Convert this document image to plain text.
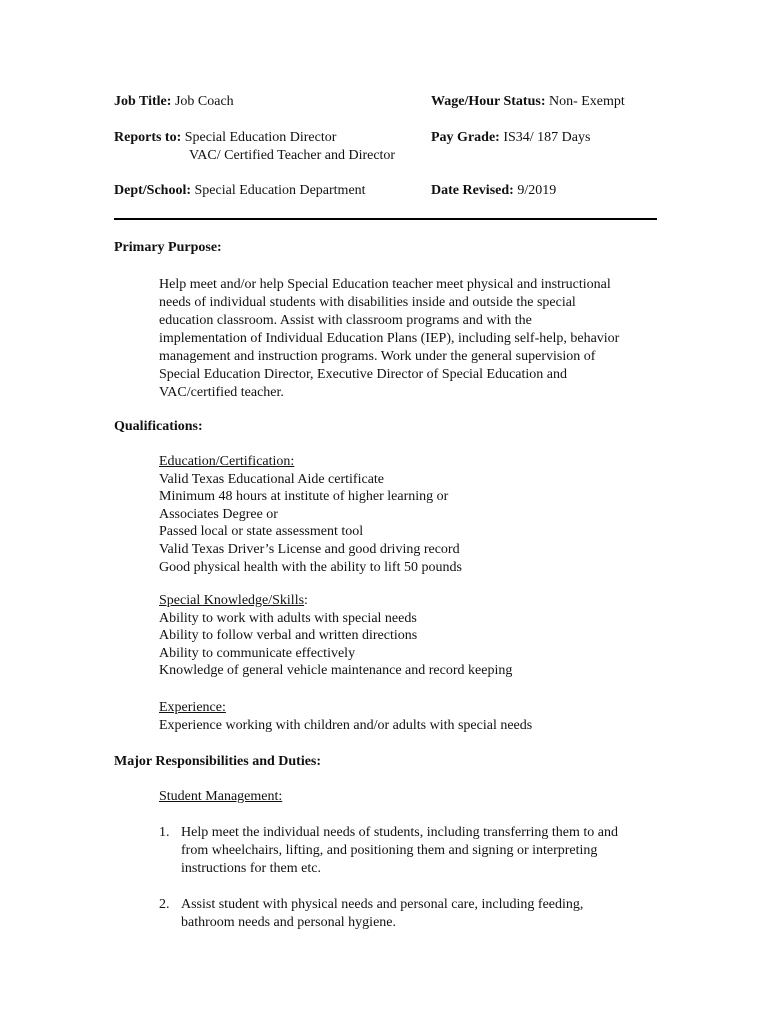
Job Title: Job Coach	Wage/Hour Status: Non- Exempt
Reports to: Special Education Director
VAC/ Certified Teacher and Director
Pay Grade: IS34/ 187 Days
Dept/School: Special Education Department	Date Revised: 9/2019
Primary Purpose:
Help meet and/or help Special Education teacher meet physical and instructional
needs of individual students with disabilities inside and outside the special
education classroom. Assist with classroom programs and with the
implementation of Individual Education Plans (IEP), including self-help, behavior
management and instruction programs. Work under the general supervision of
Special Education Director, Executive Director of Special Education and
VAC/certified teacher.
Qualifications:
Education/Certification:
Valid Texas Educational Aide certificate
Minimum 48 hours at institute of higher learning or
Associates Degree or
Passed local or state assessment tool
Valid Texas Driver’s License and good driving record
Good physical health with the ability to lift 50 pounds
Special Knowledge/Skills:
Ability to work with adults with special needs
Ability to follow verbal and written directions
Ability to communicate effectively
Knowledge of general vehicle maintenance and record keeping
Experience:
Experience working with children and/or adults with special needs
Major Responsibilities and Duties:
Student Management:
1. Help meet the individual needs of students, including transferring them to and
from wheelchairs, lifting, and positioning them and signing or interpreting
instructions for them etc.
2. Assist student with physical needs and personal care, including feeding,
bathroom needs and personal hygiene.
